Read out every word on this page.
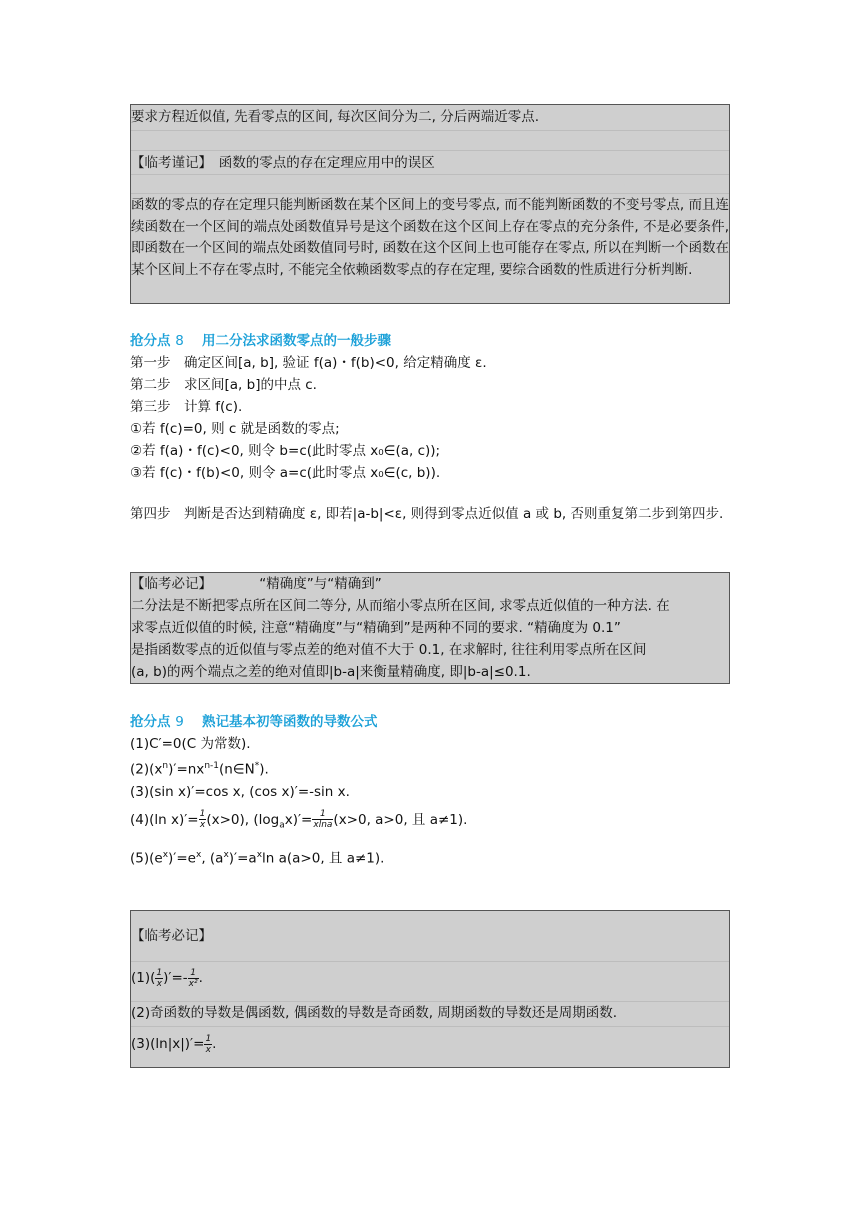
要求方程近似值, 先看零点的区间, 每次区间分为二, 分后两端近零点.
【临考谨记】　函数的零点的存在定理应用中的误区
函数的零点的存在定理只能判断函数在某个区间上的变号零点, 而不能判断函数的不变号零点, 而且连续函数在一个区间的端点处函数值异号是这个函数在这个区间上存在零点的充分条件, 不是必要条件, 即函数在一个区间的端点处函数值同号时, 函数在这个区间上也可能存在零点, 所以在判断一个函数在某个区间上不存在零点时, 不能完全依赖函数零点的存在定理, 要综合函数的性质进行分析判断.
抢分点 8 　 用二分法求函数零点的一般步骤
第一步　确定区间[a, b], 验证 f(a)・f(b)<0, 给定精确度 ε.
第二步　求区间[a, b]的中点 c.
第三步　计算 f(c).
①若 f(c)=0, 则 c 就是函数的零点;
②若 f(a)・f(c)<0, 则令 b=c(此时零点 x₀∈(a, c));
③若 f(c)・f(b)<0, 则令 a=c(此时零点 x₀∈(c, b)).
第四步　判断是否达到精确度 ε, 即若|a-b|<ε, 则得到零点近似值 a 或 b, 否则重复第二步到第四步.
【临考必记】　　　　“精确度”与“精确到”
二分法是不断把零点所在区间二等分, 从而缩小零点所在区间, 求零点近似值的一种方法. 在
求零点近似值的时候, 注意“精确度”与“精确到”是两种不同的要求. “精确度为 0.1”
是指函数零点的近似值与零点差的绝对值不大于 0.1, 在求解时, 往往利用零点所在区间
(a, b)的两个端点之差的绝对值即|b-a|来衡量精确度, 即|b-a|≤0.1.
抢分点 9 　 熟记基本初等函数的导数公式
(1)C′=0(C 为常数).
$(2)(x^n)'=nx^{n-1}(n\in N^*)$.
(3)(sin x)′=cos x, (cos x)′=-sin x.
(4)(ln $x)'= \frac{1}{x} (x>0)$, $(\log_ax)'= \frac{1}{xlna} (x>0$, a>0, 且 a≠1).
$(5)(e^x)'=e^x$, $(a^x)'=a^x\ln$ a(a>0, 且 a≠1).
【临考必记】
$(1)( \frac{1}{x}$ )′=- $\frac{1}{\text{x²}}$ .
(2)奇函数的导数是偶函数, 偶函数的导数是奇函数, 周期函数的导数还是周期函数.
$(3)(\ln|x|)'= \frac{1}{x}$ .
